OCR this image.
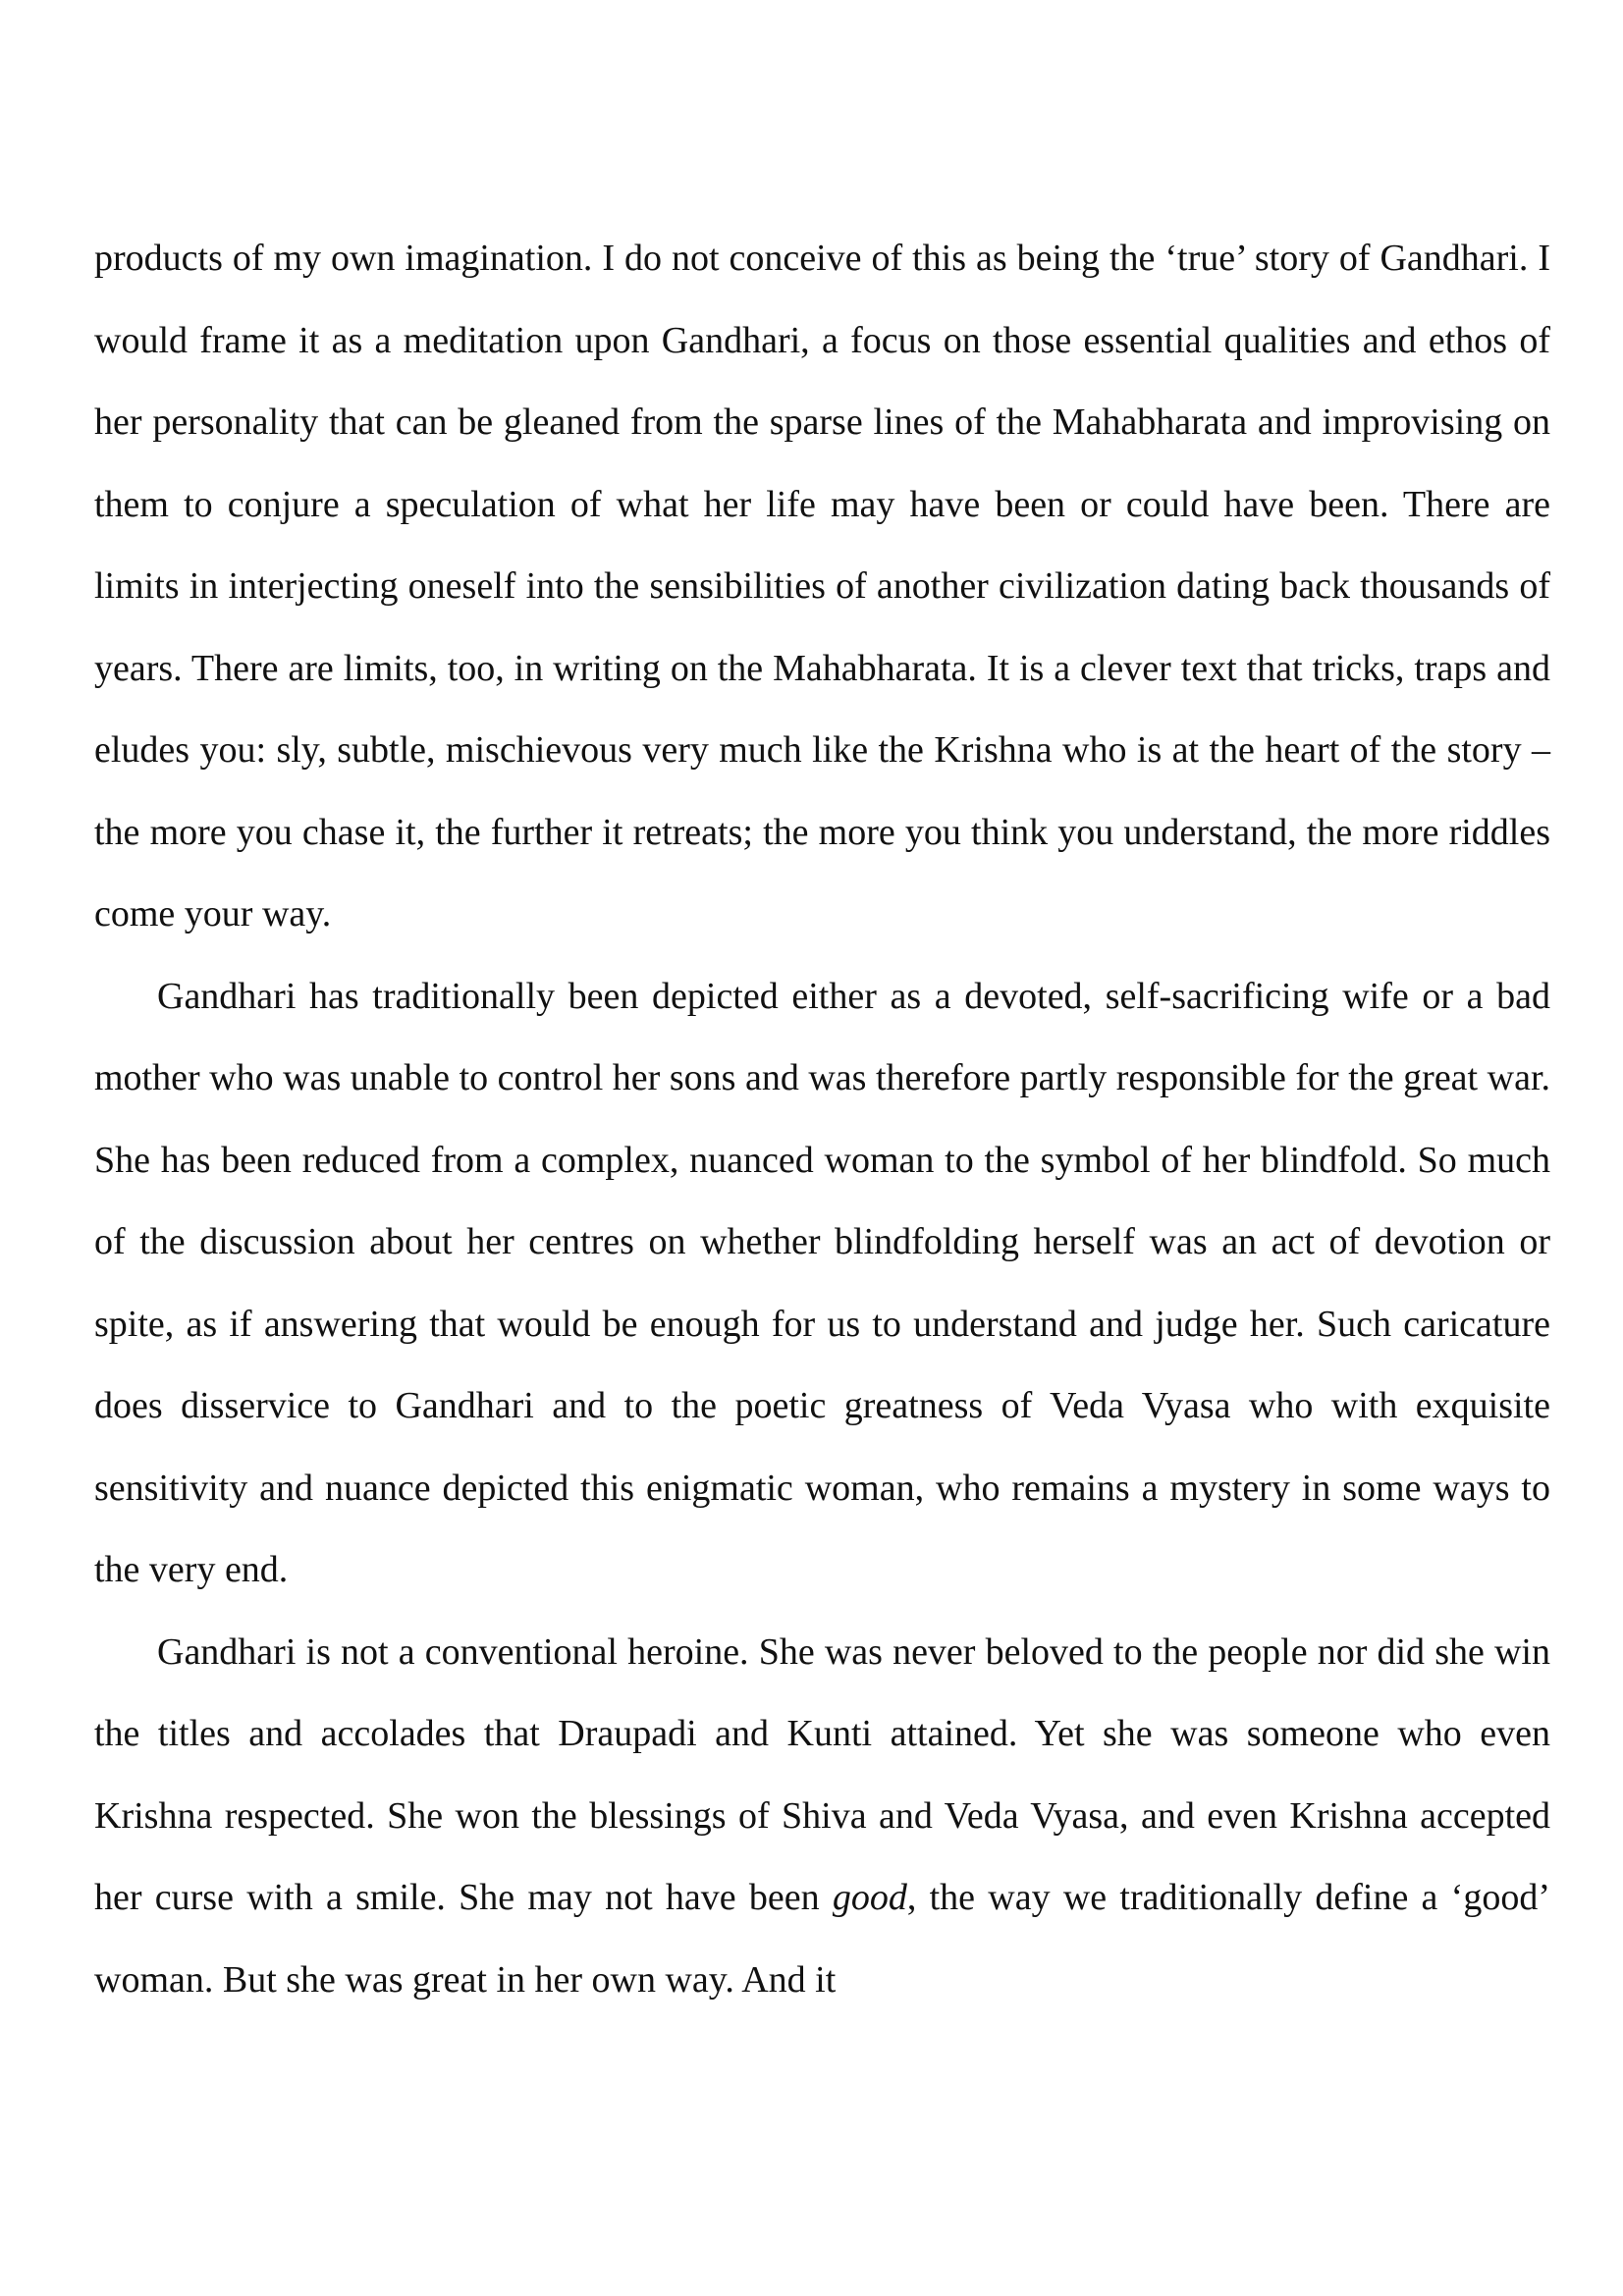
products of my own imagination. I do not conceive of this as being the ‘true’ story of Gandhari. I would frame it as a meditation upon Gandhari, a focus on those essential qualities and ethos of her personality that can be gleaned from the sparse lines of the Mahabharata and improvising on them to conjure a speculation of what her life may have been or could have been. There are limits in interjecting oneself into the sensibilities of another civilization dating back thousands of years. There are limits, too, in writing on the Mahabharata. It is a clever text that tricks, traps and eludes you: sly, subtle, mischievous very much like the Krishna who is at the heart of the story – the more you chase it, the further it retreats; the more you think you understand, the more riddles come your way.

Gandhari has traditionally been depicted either as a devoted, self-sacrificing wife or a bad mother who was unable to control her sons and was therefore partly responsible for the great war. She has been reduced from a complex, nuanced woman to the symbol of her blindfold. So much of the discussion about her centres on whether blindfolding herself was an act of devotion or spite, as if answering that would be enough for us to understand and judge her. Such caricature does disservice to Gandhari and to the poetic greatness of Veda Vyasa who with exquisite sensitivity and nuance depicted this enigmatic woman, who remains a mystery in some ways to the very end.

Gandhari is not a conventional heroine. She was never beloved to the people nor did she win the titles and accolades that Draupadi and Kunti attained. Yet she was someone who even Krishna respected. She won the blessings of Shiva and Veda Vyasa, and even Krishna accepted her curse with a smile. She may not have been good, the way we traditionally define a ‘good’ woman. But she was great in her own way. And it
